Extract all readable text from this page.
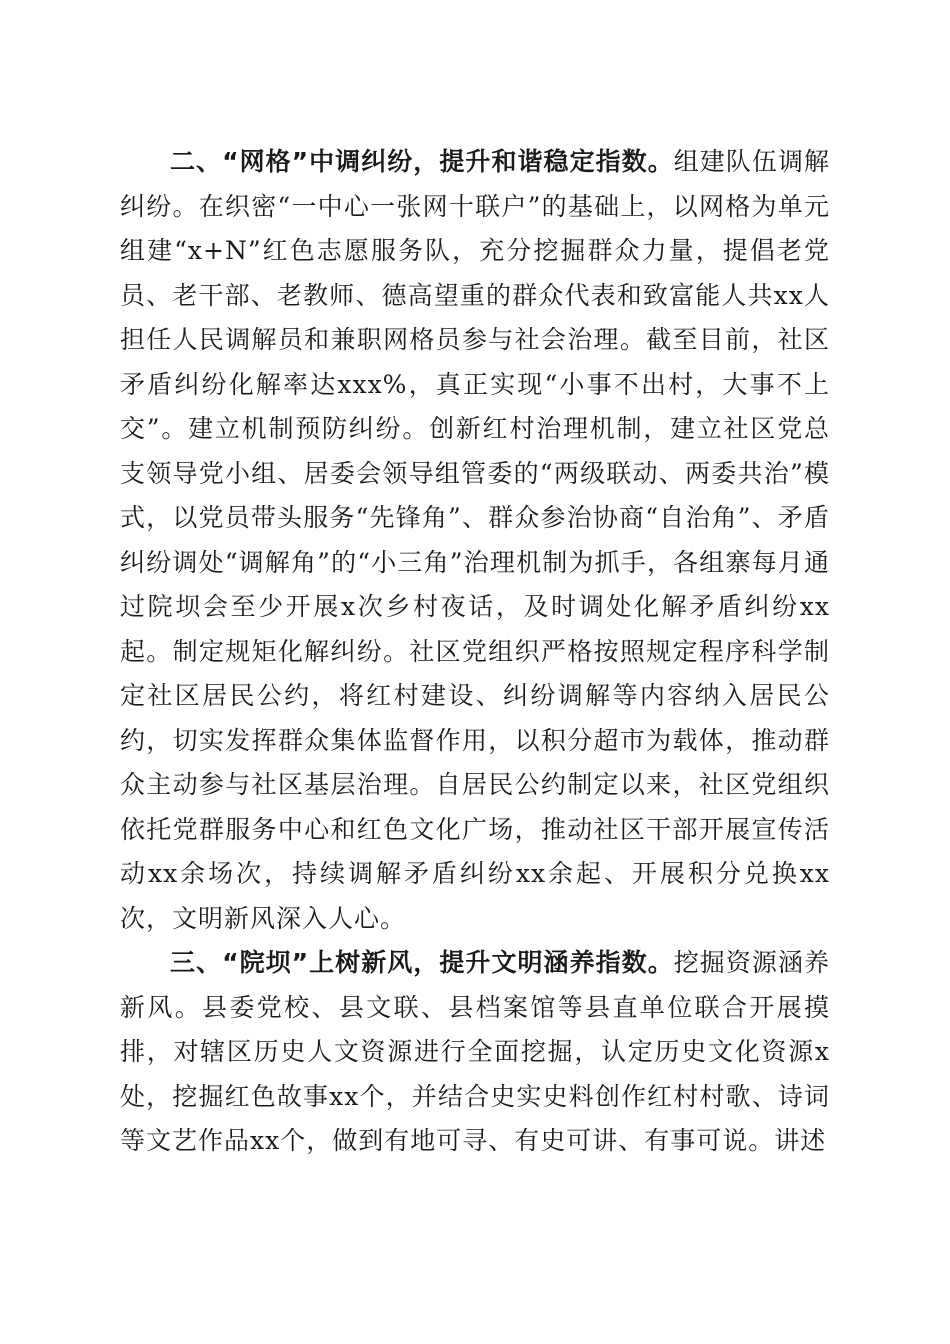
二、“网格”中调纠纷，提升和谐稳定指数。组建队伍调解纠纷。在织密“一中心一张网十联户”的基础上，以网格为单元组建“x+N”红色志愿服务队，充分挖掘群众力量，提倡老党员、老干部、老教师、德高望重的群众代表和致富能人共xx人担任人民调解员和兼职网格员参与社会治理。截至目前，社区矛盾纠纷化解率达xxx%，真正实现“小事不出村，大事不上交”。建立机制预防纠纷。创新红村治理机制，建立社区党总支领导党小组、居委会领导组管委的“两级联动、两委共治”模式，以党员带头服务“先锋角”、群众参治协商“自治角”、矛盾纠纷调处“调解角”的“小三角”治理机制为抓手，各组寨每月通过院坝会至少开展x次乡村夜话，及时调处化解矛盾纠纷xx起。制定规矩化解纠纷。社区党组织严格按照规定程序科学制定社区居民公约，将红村建设、纠纷调解等内容纳入居民公约，切实发挥群众集体监督作用，以积分超市为载体，推动群众主动参与社区基层治理。自居民公约制定以来，社区党组织依托党群服务中心和红色文化广场，推动社区干部开展宣传活动xx余场次，持续调解矛盾纠纷xx余起、开展积分兑换xx次，文明新风深入人心。

三、“院坝”上树新风，提升文明涵养指数。挖掘资源涵养新风。县委党校、县文联、县档案馆等县直单位联合开展摸排，对辖区历史人文资源进行全面挖掘，认定历史文化资源x处，挖掘红色故事xx个，并结合史实史料创作红村村歌、诗词等文艺作品xx个，做到有地可寻、有史可讲、有事可说。讲述
